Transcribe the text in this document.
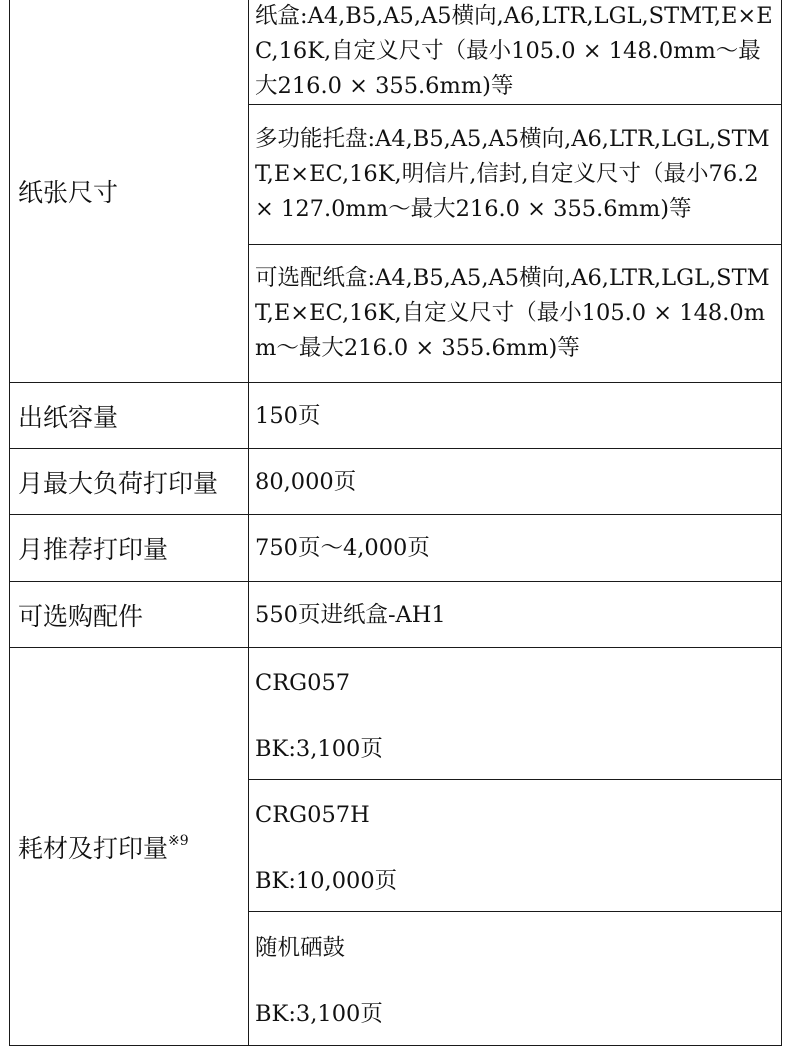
纸张尺寸	纸盒:A4,B5,A5,A5横向,A6,LTR,LGL,STMT,E×EC,16K,自定义尺寸（最小105.0 × 148.0mm～最大216.0 × 355.6mm)等
	多功能托盘:A4,B5,A5,A5横向,A6,LTR,LGL,STMT,E×EC,16K,明信片,信封,自定义尺寸（最小76.2 × 127.0mm～最大216.0 × 355.6mm)等
	可选配纸盒:A4,B5,A5,A5横向,A6,LTR,LGL,STMT,E×EC,16K,自定义尺寸（最小105.0 × 148.0mm～最大216.0 × 355.6mm)等
出纸容量	150页
月最大负荷打印量	80,000页
月推荐打印量	750页～4,000页
可选购配件	550页进纸盒-AH1
耗材及打印量$^{※9}$	CRG057
BK:3,100页

	CRG057H
BK:10,000页

	随机硒鼓
BK:3,100页
